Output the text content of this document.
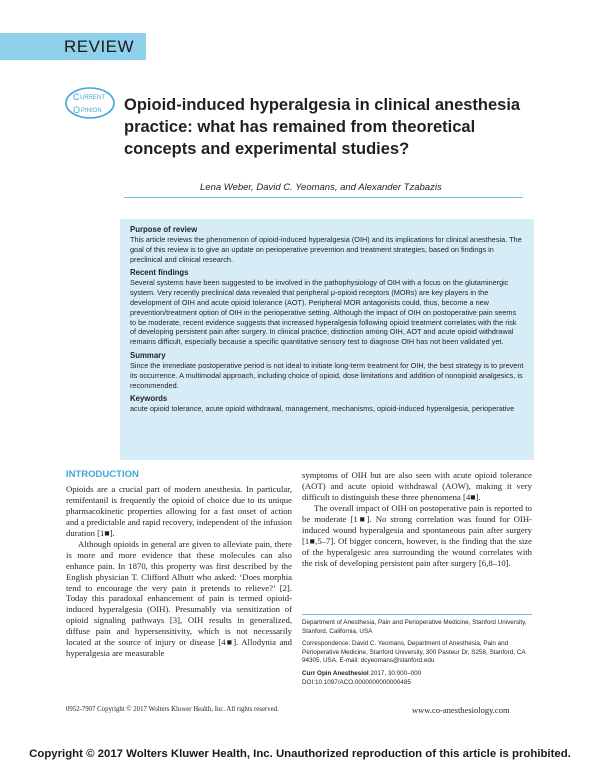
REVIEW
C URRENT
O PINION Opioid-induced hyperalgesia in clinical anesthesia practice: what has remained from theoretical concepts and experimental studies?
Lena Weber, David C. Yeomans, and Alexander Tzabazis
Purpose of review

This article reviews the phenomenon of opioid-induced hyperalgesia (OIH) and its implications for clinical anesthesia. The goal of this review is to give an update on perioperative prevention and treatment strategies, based on findings in preclinical and clinical research.

Recent findings

Several systems have been suggested to be involved in the pathophysiology of OIH with a focus on the glutaminergic system. Very recently preclinical data revealed that peripheral μ-opioid receptors (MORs) are key players in the development of OIH and acute opioid tolerance (AOT). Peripheral MOR antagonists could, thus, become a new prevention/treatment option of OIH in the perioperative setting. Although the impact of OIH on postoperative pain seems to be moderate, recent evidence suggests that increased hyperalgesia following opioid treatment correlates with the risk of developing persistent pain after surgery. In clinical practice, distinction among OIH, AOT and acute opioid withdrawal remains difficult, especially because a specific quantitative sensory test to diagnose OIH has not been validated yet.

Summary

Since the immediate postoperative period is not ideal to initiate long-term treatment for OIH, the best strategy is to prevent its occurrence. A multimodal approach, including choice of opioid, dose limitations and addition of nonopioid analgesics, is recommended.

Keywords

acute opioid tolerance, acute opioid withdrawal, management, mechanisms, opioid-induced hyperalgesia, perioperative

INTRODUCTION

Opioids are a crucial part of modern anesthesia. In particular, remifentanil is frequently the opioid of choice due to its unique pharmacokinetic properties allowing for a fast onset of action and a predictable and rapid recovery, independent of the infusion duration [1■].

Although opioids in general are given to alleviate pain, there is more and more evidence that these molecules can also enhance pain. In 1870, this property was first described by the English physician T. Clifford Albutt who asked: ‘Does morphia tend to encourage the very pain it pretends to relieve?’ [2]. Today this paradoxal enhancement of pain is termed opioid-induced hyperalgesia (OIH). Presumably via sensitization of opioid signaling pathways [3], OIH results in generalized, diffuse pain and hypersensitivity, which is not necessarily located at the source of injury or disease [4■]. Allodynia and hyperalgesia are measurable

symptoms of OIH but are also seen with acute opioid tolerance (AOT) and acute opioid withdrawal (AOW), making it very difficult to distinguish these three phenomena [4■].

The overall impact of OIH on postoperative pain is reported to be moderate [1■]. No strong correlation was found for OIH-induced wound hyperalgesia and spontaneous pain after surgery [1■,5–7]. Of bigger concern, however, is the finding that the size of the hyperalgesic area surrounding the wound correlates with the risk of developing persistent pain after surgery [6,8–10].

Department of Anesthesia, Pain and Perioperative Medicine, Stanford University, Stanford, California, USA

Correspondence: David C. Yeomans, Department of Anesthesia, Pain and Perioperative Medicine, Stanford University, 300 Pasteur Dr, S258, Stanford, CA 94305, USA. E-mail: dcyeomans@stanford.edu

Curr Opin Anesthesiol 2017, 30:000–000

DOI:10.1097/ACO.0000000000000485

0952-7907 Copyright © 2017 Wolters Kluwer Health, Inc. All rights reserved.	www.co-anesthesiology.com
Copyright © 2017 Wolters Kluwer Health, Inc. Unauthorized reproduction of this article is prohibited.
